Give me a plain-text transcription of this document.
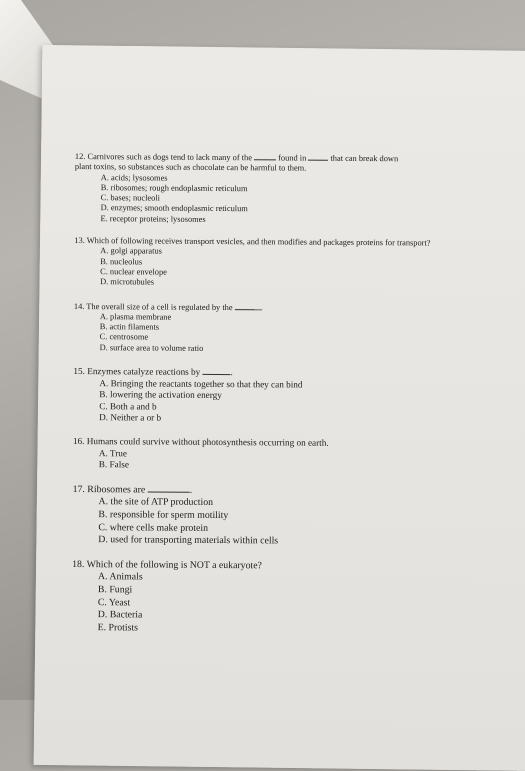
12. Carnivores such as dogs tend to lack many of the	found in	that can break down
plant toxins, so substances such as chocolate can be harmful to them.

A. acids; lysosomes
B. ribosomes; rough endoplasmic reticulum
C. bases; nucleoli
D. enzymes; smooth endoplasmic reticulum
E. receptor proteins; lysosomes

13. Which of following receives transport vesicles, and then modifies and packages proteins for transport?

A. golgi apparatus
B. nucleolus
C. nuclear envelope
D. microtubules

14. The overall size of a cell is regulated by the	.

A. plasma membrane
B. actin filaments
C. centrosome
D. surface area to volume ratio

15. Enzymes catalyze reactions by	.

A. Bringing the reactants together so that they can bind
B. lowering the activation energy
C. Both a and b
D. Neither a or b

16. Humans could survive without photosynthesis occurring on earth.

A. True
B. False

17. Ribosomes are	.

A. the site of ATP production
B. responsible for sperm motility
C. where cells make protein
D. used for transporting materials within cells

18. Which of the following is NOT a eukaryote?

A. Animals
B. Fungi
C. Yeast
D. Bacteria
E. Protists
